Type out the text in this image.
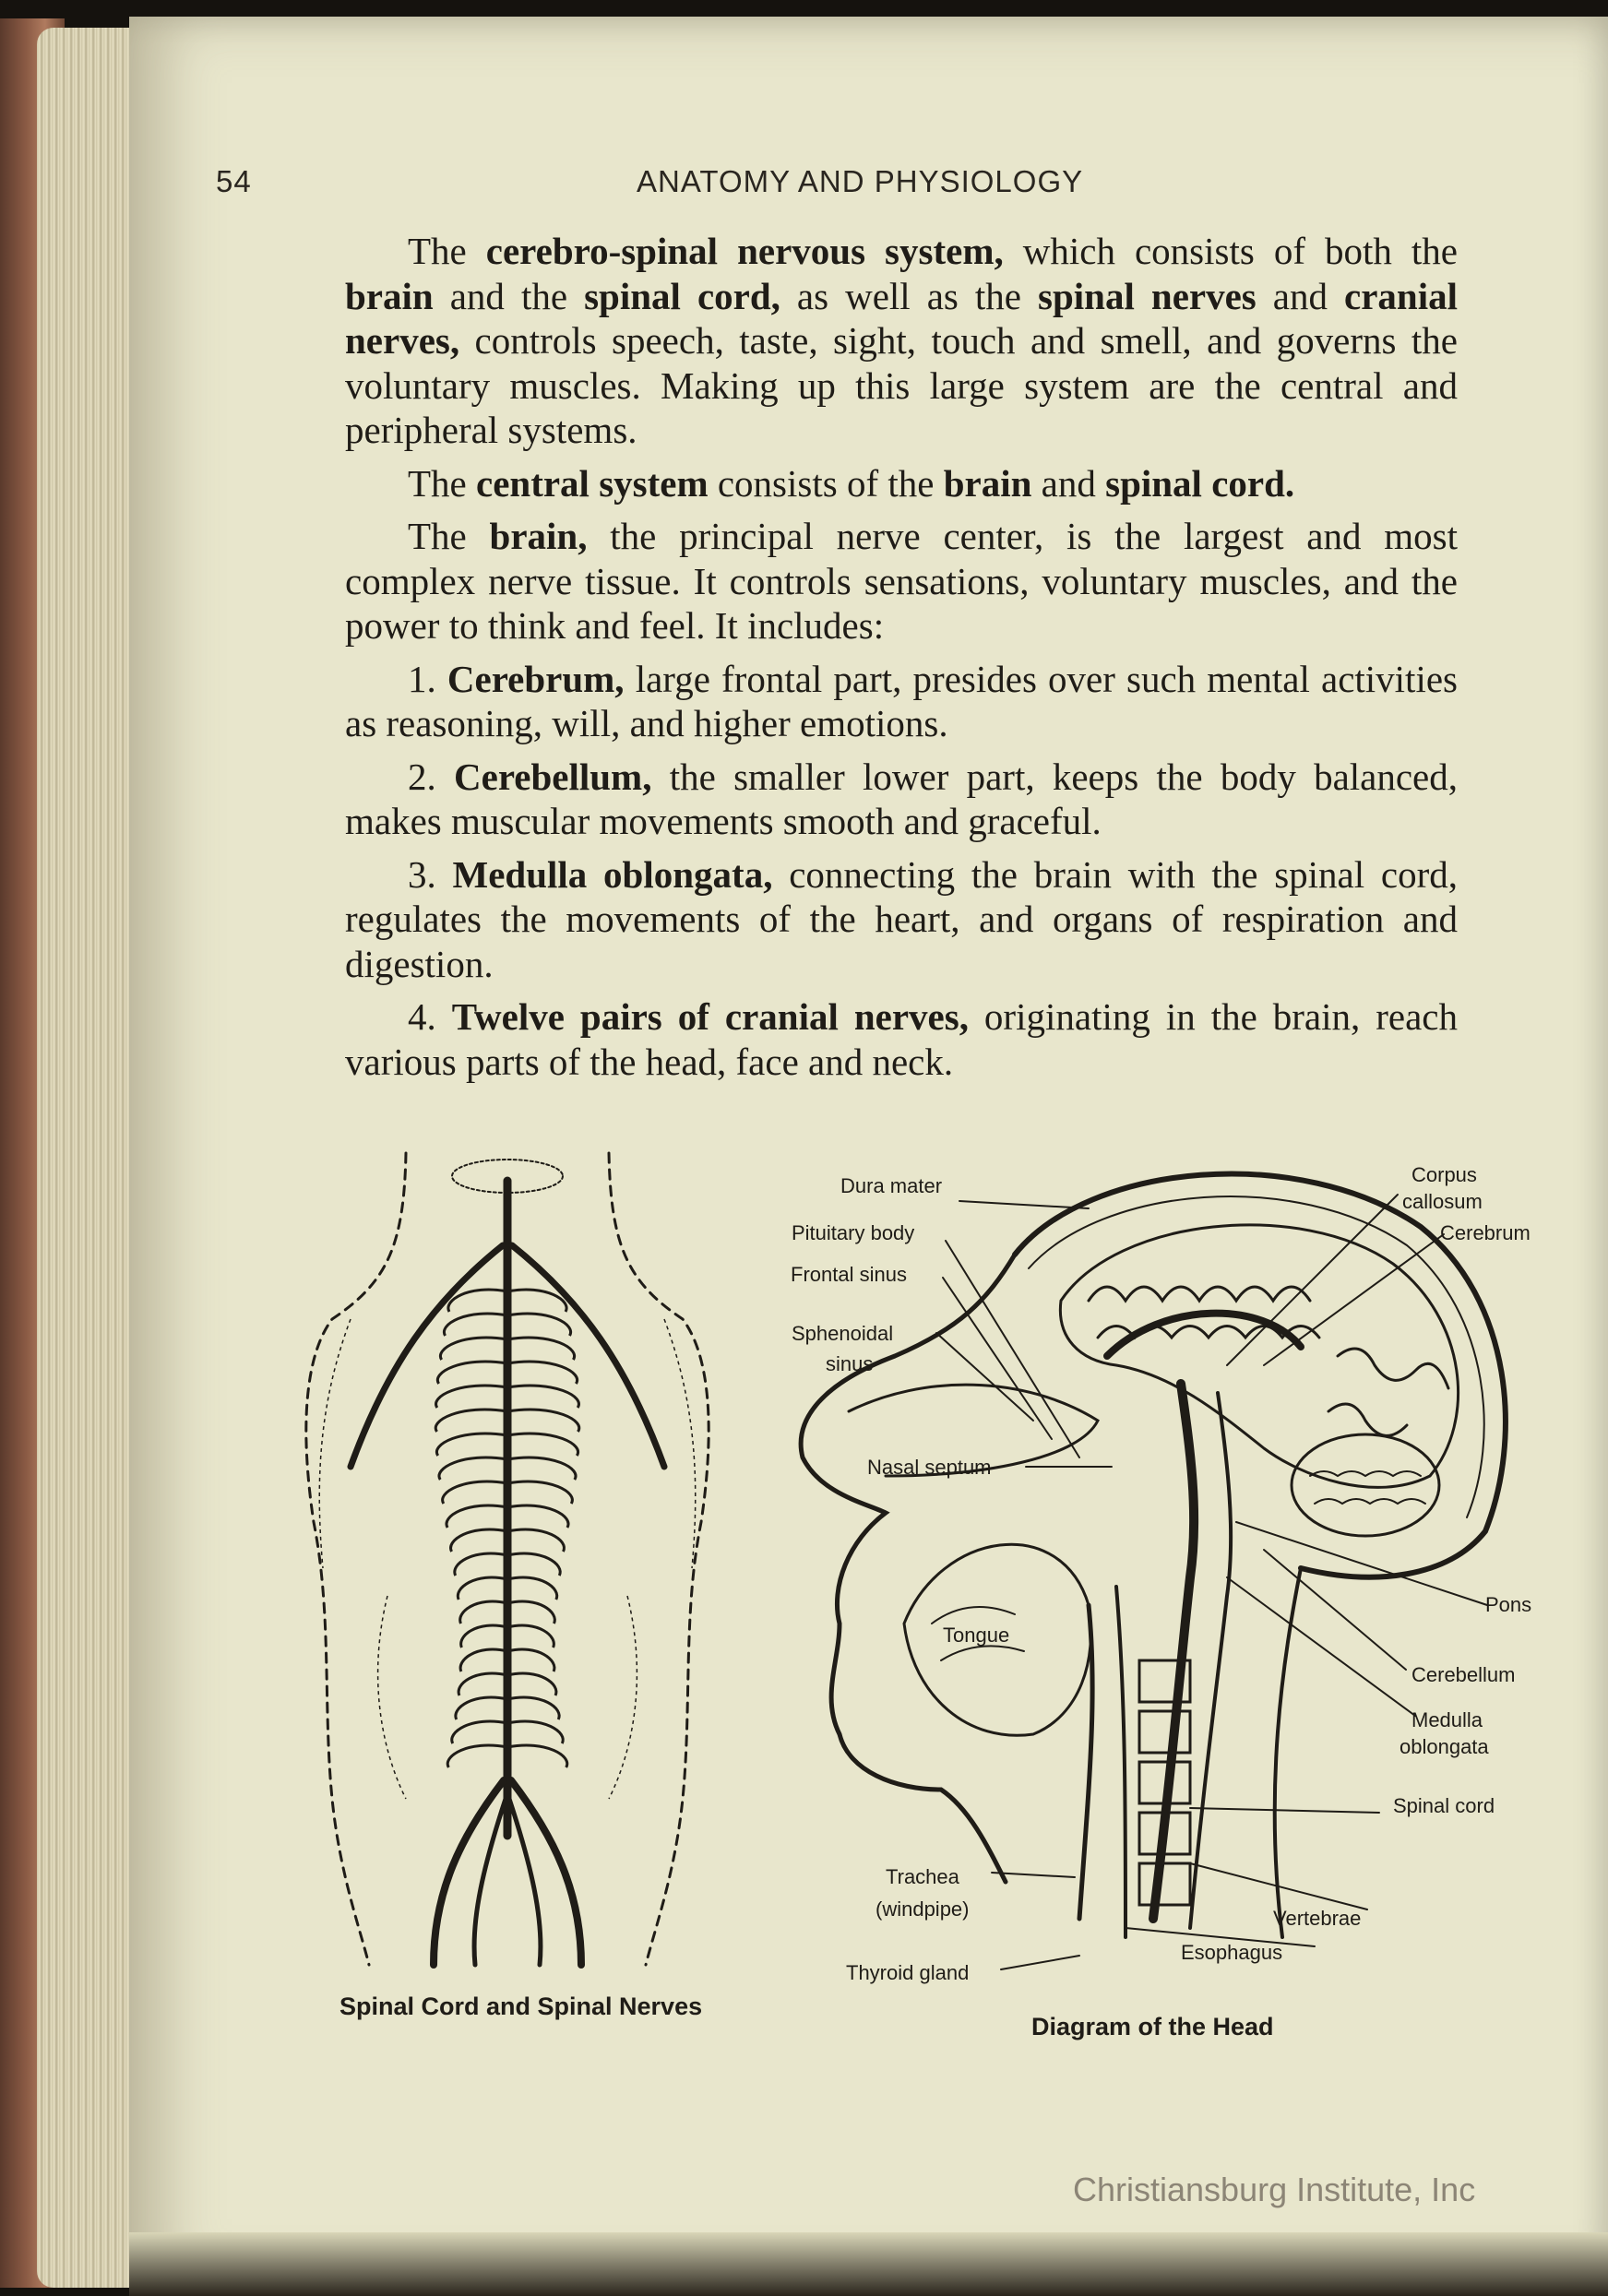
54	ANATOMY AND PHYSIOLOGY

The cerebro-spinal nervous system, which consists of both the brain and the spinal cord, as well as the spinal nerves and cranial nerves, controls speech, taste, sight, touch and smell, and governs the voluntary muscles. Making up this large system are the central and peripheral systems.

The central system consists of the brain and spinal cord.

The brain, the principal nerve center, is the largest and most complex nerve tissue. It controls sensations, voluntary muscles, and the power to think and feel. It includes:

1. Cerebrum, large frontal part, presides over such mental activities as reasoning, will, and higher emotions.

2. Cerebellum, the smaller lower part, keeps the body balanced, makes muscular movements smooth and graceful.

3. Medulla oblongata, connecting the brain with the spinal cord, regulates the movements of the heart, and organs of respiration and digestion.

4. Twelve pairs of cranial nerves, originating in the brain, reach various parts of the head, face and neck.

Dura mater
Pituitary body
Frontal sinus
Sphenoidal
sinus
Nasal septum
Tongue
Trachea
(windpipe)
Thyroid gland
Corpus
callosum
Cerebrum
Pons
Cerebellum
Medulla
oblongata
Spinal cord
Vertebrae
Esophagus
Spinal Cord and Spinal Nerves
Diagram of the Head
Christiansburg Institute, Inc
